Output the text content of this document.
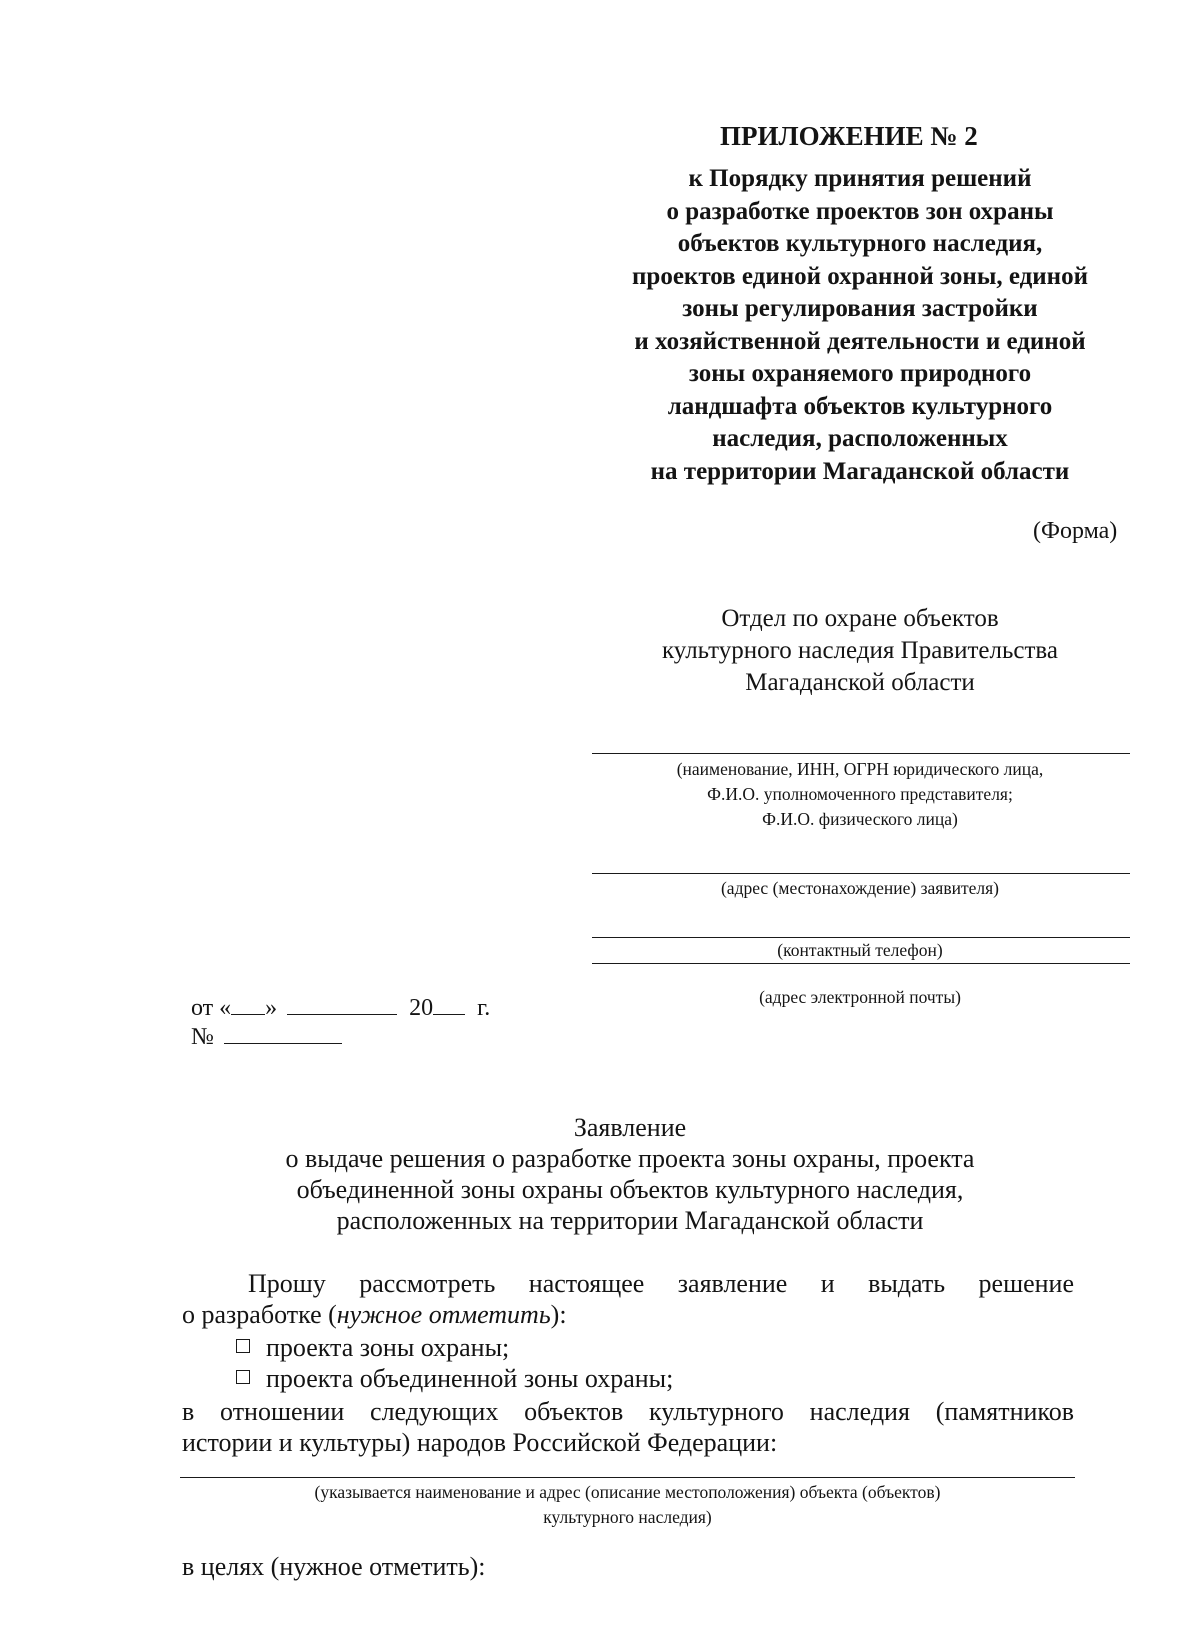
ПРИЛОЖЕНИЕ № 2
к Порядку принятия решений
о разработке проектов зон охраны
объектов культурного наследия,
проектов единой охранной зоны, единой
зоны регулирования застройки
и хозяйственной деятельности и единой
зоны охраняемого природного
ландшафта объектов культурного
наследия, расположенных
на территории Магаданской области
(Форма)
Отдел по охране объектов
культурного наследия Правительства
Магаданской области
(наименование, ИНН, ОГРН юридического лица,
Ф.И.О. уполномоченного представителя;
Ф.И.О. физического лица)
(адрес (местонахождение) заявителя)
(контактный телефон)
(адрес электронной почты)
от « »	20 г.
№
Заявление
о выдаче решения о разработке проекта зоны охраны, проекта
объединенной зоны охраны объектов культурного наследия,
расположенных на территории Магаданской области
Прошу рассмотреть настоящее заявление и выдать решение
о разработке (нужное отметить):
проекта зоны охраны;
проекта объединенной зоны охраны;
в отношении следующих объектов культурного наследия (памятников
истории и культуры) народов Российской Федерации:
(указывается наименование и адрес (описание местоположения) объекта (объектов)
культурного наследия)
в целях (нужное отметить):
